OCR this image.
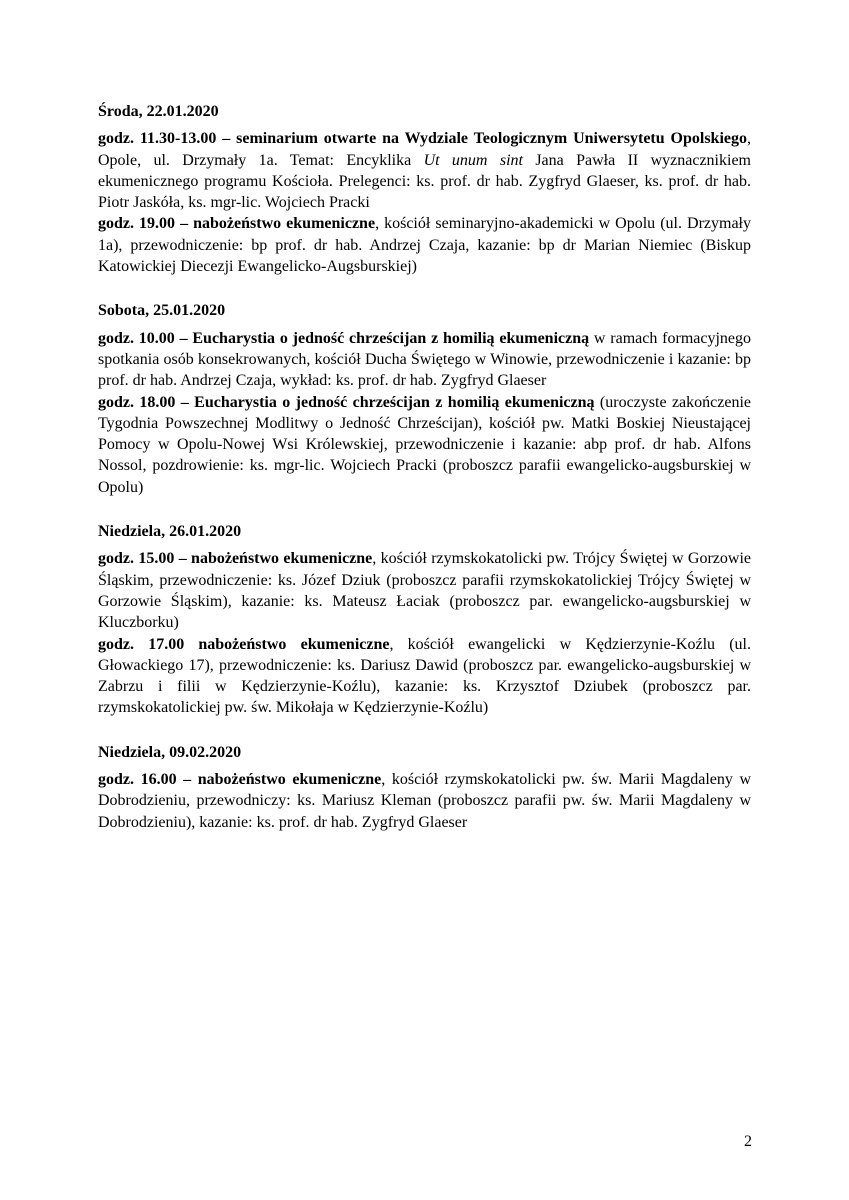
Środa, 22.01.2020

godz. 11.30-13.00 – seminarium otwarte na Wydziale Teologicznym Uniwersytetu Opolskiego, Opole, ul. Drzymały 1a. Temat: Encyklika Ut unum sint Jana Pawła II wyznacznikiem ekumenicznego programu Kościoła. Prelegenci: ks. prof. dr hab. Zygfryd Glaeser, ks. prof. dr hab. Piotr Jaskóła, ks. mgr-lic. Wojciech Pracki

godz. 19.00 – nabożeństwo ekumeniczne, kościół seminaryjno-akademicki w Opolu (ul. Drzymały 1a), przewodniczenie: bp prof. dr hab. Andrzej Czaja, kazanie: bp dr Marian Niemiec (Biskup Katowickiej Diecezji Ewangelicko-Augsburskiej)

Sobota, 25.01.2020

godz. 10.00 – Eucharystia o jedność chrześcijan z homilią ekumeniczną w ramach formacyjnego spotkania osób konsekrowanych, kościół Ducha Świętego w Winowie, przewodniczenie i kazanie: bp prof. dr hab. Andrzej Czaja, wykład: ks. prof. dr hab. Zygfryd Glaeser

godz. 18.00 – Eucharystia o jedność chrześcijan z homilią ekumeniczną (uroczyste zakończenie Tygodnia Powszechnej Modlitwy o Jedność Chrześcijan), kościół pw. Matki Boskiej Nieustającej Pomocy w Opolu-Nowej Wsi Królewskiej, przewodniczenie i kazanie: abp prof. dr hab. Alfons Nossol, pozdrowienie: ks. mgr-lic. Wojciech Pracki (proboszcz parafii ewangelicko-augsburskiej w Opolu)

Niedziela, 26.01.2020

godz. 15.00 – nabożeństwo ekumeniczne, kościół rzymskokatolicki pw. Trójcy Świętej w Gorzowie Śląskim, przewodniczenie: ks. Józef Dziuk (proboszcz parafii rzymskokatolickiej Trójcy Świętej w Gorzowie Śląskim), kazanie: ks. Mateusz Łaciak (proboszcz par. ewangelicko-augsburskiej w Kluczborku)

godz. 17.00 nabożeństwo ekumeniczne, kościół ewangelicki w Kędzierzynie-Koźlu (ul. Głowackiego 17), przewodniczenie: ks. Dariusz Dawid (proboszcz par. ewangelicko-augsburskiej w Zabrzu i filii w Kędzierzynie-Koźlu), kazanie: ks. Krzysztof Dziubek (proboszcz par. rzymskokatolickiej pw. św. Mikołaja w Kędzierzynie-Koźlu)

Niedziela, 09.02.2020

godz. 16.00 – nabożeństwo ekumeniczne, kościół rzymskokatolicki pw. św. Marii Magdaleny w Dobrodzieniu, przewodniczy: ks. Mariusz Kleman (proboszcz parafii pw. św. Marii Magdaleny w Dobrodzieniu), kazanie: ks. prof. dr hab. Zygfryd Glaeser

2
